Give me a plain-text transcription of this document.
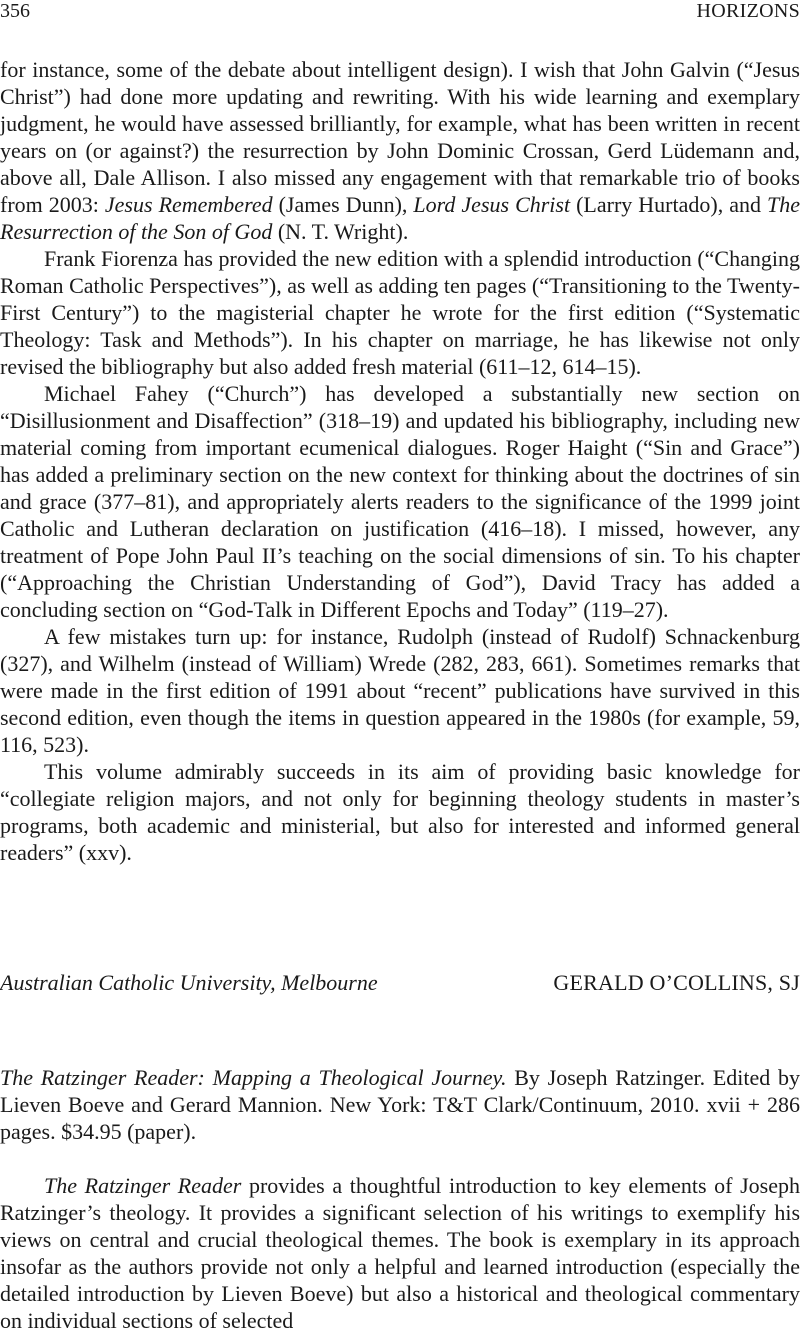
356	HORIZONS

for instance, some of the debate about intelligent design). I wish that John Galvin (“Jesus Christ”) had done more updating and rewriting. With his wide learning and exemplary judgment, he would have assessed brilliantly, for example, what has been written in recent years on (or against?) the resurrection by John Dominic Crossan, Gerd Lüdemann and, above all, Dale Allison. I also missed any engagement with that remarkable trio of books from 2003: Jesus Remembered (James Dunn), Lord Jesus Christ (Larry Hurtado), and The Resurrection of the Son of God (N. T. Wright).

Frank Fiorenza has provided the new edition with a splendid introduction (“Changing Roman Catholic Perspectives”), as well as adding ten pages (“Transitioning to the Twenty-First Century”) to the magisterial chapter he wrote for the first edition (“Systematic Theology: Task and Methods”). In his chapter on marriage, he has likewise not only revised the bibliography but also added fresh material (611–12, 614–15).

Michael Fahey (“Church”) has developed a substantially new section on “Disillusionment and Disaffection” (318–19) and updated his bibliography, including new material coming from important ecumenical dialogues. Roger Haight (“Sin and Grace”) has added a preliminary section on the new context for thinking about the doctrines of sin and grace (377–81), and appropriately alerts readers to the significance of the 1999 joint Catholic and Lutheran declaration on justification (416–18). I missed, however, any treatment of Pope John Paul II’s teaching on the social dimensions of sin. To his chapter (“Approaching the Christian Understanding of God”), David Tracy has added a concluding section on “God-Talk in Different Epochs and Today” (119–27).

A few mistakes turn up: for instance, Rudolph (instead of Rudolf) Schnackenburg (327), and Wilhelm (instead of William) Wrede (282, 283, 661). Sometimes remarks that were made in the first edition of 1991 about “recent” publications have survived in this second edition, even though the items in question appeared in the 1980s (for example, 59, 116, 523).

This volume admirably succeeds in its aim of providing basic knowledge for “collegiate religion majors, and not only for beginning theology students in master’s programs, both academic and ministerial, but also for interested and informed general readers” (xxv).

Australian Catholic University, Melbourne	GERALD O’COLLINS, SJ

The Ratzinger Reader: Mapping a Theological Journey. By Joseph Ratzinger. Edited by Lieven Boeve and Gerard Mannion. New York: T&T Clark/Continuum, 2010. xvii + 286 pages. $34.95 (paper).

The Ratzinger Reader provides a thoughtful introduction to key elements of Joseph Ratzinger’s theology. It provides a significant selection of his writings to exemplify his views on central and crucial theological themes. The book is exemplary in its approach insofar as the authors provide not only a helpful and learned introduction (especially the detailed introduction by Lieven Boeve) but also a historical and theological commentary on individual sections of selected
